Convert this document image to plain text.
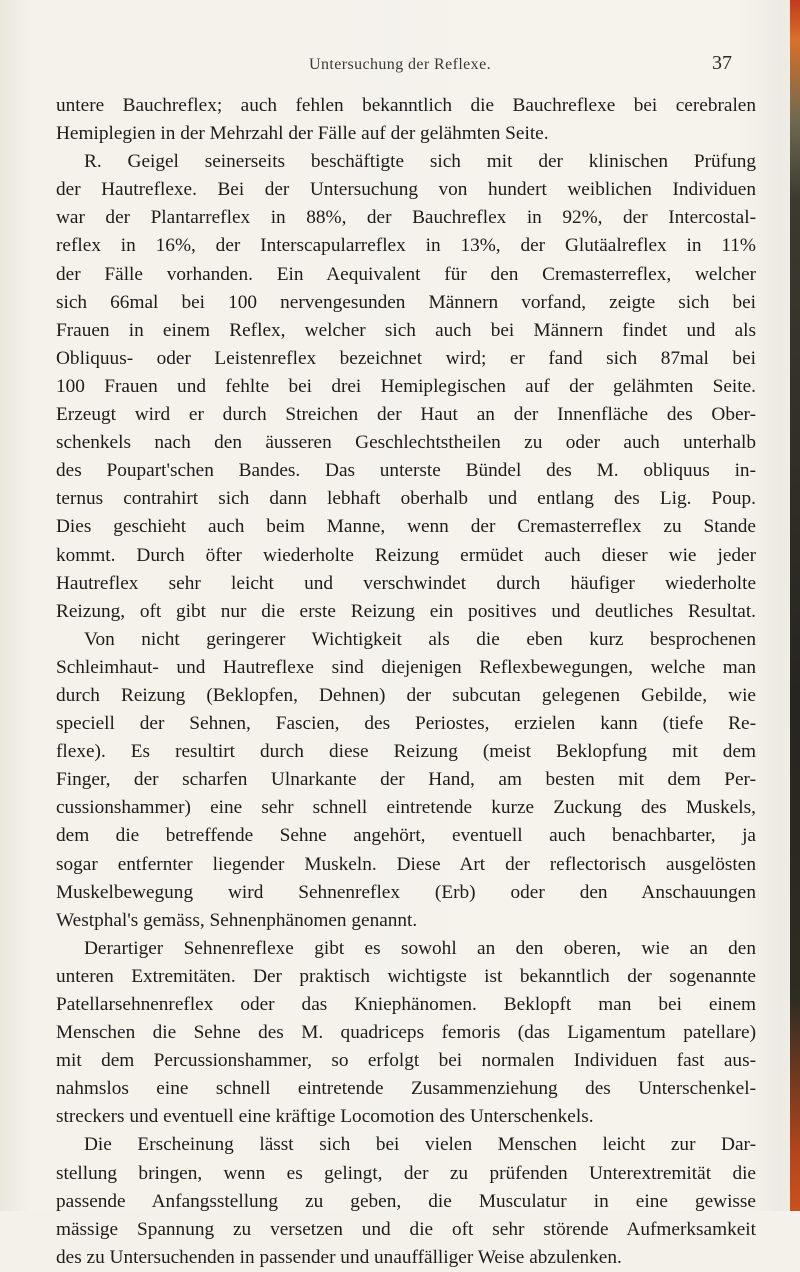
Untersuchung der Reflexe.	37
untere Bauchreflex; auch fehlen bekanntlich die Bauchreflexe bei cerebralen
Hemiplegien in der Mehrzahl der Fälle auf der gelähmten Seite.
R. Geigel seinerseits beschäftigte sich mit der klinischen Prüfung
der Hautreflexe. Bei der Untersuchung von hundert weiblichen Individuen
war der Plantarreflex in 88%, der Bauchreflex in 92%, der Intercostal-
reflex in 16%, der Interscapularreflex in 13%, der Glutäalreflex in 11%
der Fälle vorhanden. Ein Aequivalent für den Cremasterreflex, welcher
sich 66mal bei 100 nervengesunden Männern vorfand, zeigte sich bei
Frauen in einem Reflex, welcher sich auch bei Männern findet und als
Obliquus- oder Leistenreflex bezeichnet wird; er fand sich 87mal bei
100 Frauen und fehlte bei drei Hemiplegischen auf der gelähmten Seite.
Erzeugt wird er durch Streichen der Haut an der Innenfläche des Ober-
schenkels nach den äusseren Geschlechtstheilen zu oder auch unterhalb
des Poupart'schen Bandes. Das unterste Bündel des M. obliquus in-
ternus contrahirt sich dann lebhaft oberhalb und entlang des Lig. Poup.
Dies geschieht auch beim Manne, wenn der Cremasterreflex zu Stande
kommt. Durch öfter wiederholte Reizung ermüdet auch dieser wie jeder
Hautreflex sehr leicht und verschwindet durch häufiger wiederholte
Reizung, oft gibt nur die erste Reizung ein positives und deutliches Resultat.
Von nicht geringerer Wichtigkeit als die eben kurz besprochenen
Schleimhaut- und Hautreflexe sind diejenigen Reflexbewegungen, welche man
durch Reizung (Beklopfen, Dehnen) der subcutan gelegenen Gebilde, wie
speciell der Sehnen, Fascien, des Periostes, erzielen kann (tiefe Re-
flexe). Es resultirt durch diese Reizung (meist Beklopfung mit dem
Finger, der scharfen Ulnarkante der Hand, am besten mit dem Per-
cussionshammer) eine sehr schnell eintretende kurze Zuckung des Muskels,
dem die betreffende Sehne angehört, eventuell auch benachbarter, ja
sogar entfernter liegender Muskeln. Diese Art der reflectorisch ausgelösten
Muskelbewegung wird Sehnenreflex (Erb) oder den Anschauungen
Westphal's gemäss, Sehnenphänomen genannt.
Derartiger Sehnenreflexe gibt es sowohl an den oberen, wie an den
unteren Extremitäten. Der praktisch wichtigste ist bekanntlich der sogenannte
Patellarsehnenreflex oder das Kniephänomen. Beklopft man bei einem
Menschen die Sehne des M. quadriceps femoris (das Ligamentum patellare)
mit dem Percussionshammer, so erfolgt bei normalen Individuen fast aus-
nahmslos eine schnell eintretende Zusammenziehung des Unterschenkel-
streckers und eventuell eine kräftige Locomotion des Unterschenkels.
Die Erscheinung lässt sich bei vielen Menschen leicht zur Dar-
stellung bringen, wenn es gelingt, der zu prüfenden Unterextremität die
passende Anfangsstellung zu geben, die Musculatur in eine gewisse
mässige Spannung zu versetzen und die oft sehr störende Aufmerksamkeit
des zu Untersuchenden in passender und unauffälliger Weise abzulenken.
